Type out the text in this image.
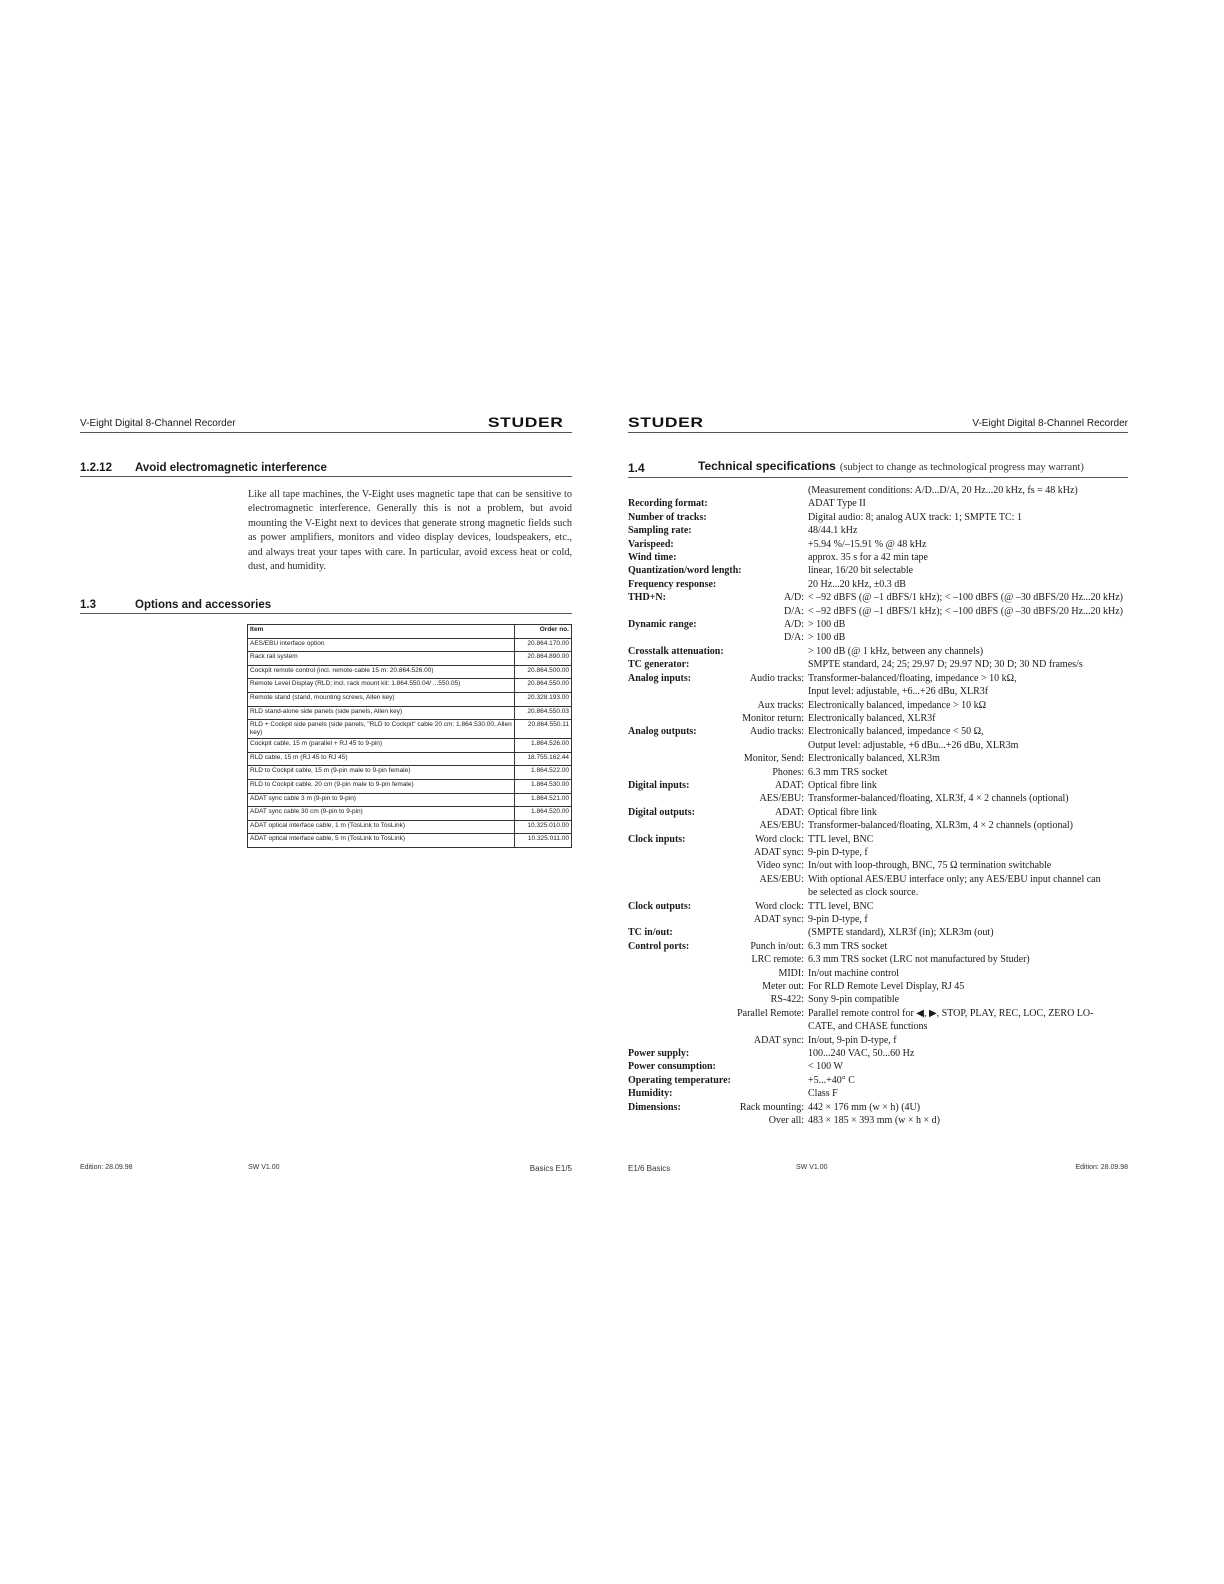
V-Eight Digital 8-Channel Recorder	STUDER
1.2.12 Avoid electromagnetic interference

Like all tape machines, the V-Eight uses magnetic tape that can be sensitive to electromagnetic interference. Generally this is not a problem, but avoid mounting the V-Eight next to devices that generate strong magnetic fields such as power amplifiers, monitors and video display devices, loudspeakers, etc., and always treat your tapes with care. In particular, avoid excess heat or cold, dust, and humidity.

1.3	Options and accessories
Item	Order no.
AES/EBU interface option	20.864.170.00
Rack rail system	20.864.890.00
Cockpit remote control (incl. remote cable 15 m: 20.864.526.00)	20.864.500.00
Remote Level Display (RLD; incl. rack mount kit: 1.864.550.04/ ...550.05)	20.864.550.00
Remote stand (stand, mounting screws, Allen key)	20.328.193.00
RLD stand-alone side panels (side panels, Allen key)	20.864.550.03
RLD + Cockpit side panels (side panels, "RLD to Cockpit" cable 20 cm: 1.864.530.00, Allen key)	20.864.550.11
Cockpit cable, 15 m (parallel + RJ 45 to 9-pin)	1.864.526.00
RLD cable, 15 m (RJ 45 to RJ 45)	18.755.162.44
RLD to Cockpit cable, 15 m (9-pin male to 9-pin female)	1.864.522.00
RLD to Cockpit cable, 20 cm (9-pin male to 9-pin female)	1.864.530.00
ADAT sync cable 3 m (9-pin to 9-pin)	1.864.521.00
ADAT sync cable 30 cm (9-pin to 9-pin)	1.864.520.00
ADAT optical interface cable, 1 m (TosLink to TosLink)	10.325.010.00
ADAT optical interface cable, 5 m (TosLink to TosLink)	10.325.011.00
Edition: 28.09.98	SW V1.00	Basics E1/5
STUDER	V-Eight Digital 8-Channel Recorder
1.4	Technical specifications (subject to change as technological progress may warrant)
(Measurement conditions: A/D...D/A, 20 Hz...20 kHz, fs = 48 kHz)
Recording format:	ADAT Type II
Number of tracks:	Digital audio: 8; analog AUX track: 1; SMPTE TC: 1
Sampling rate:	48/44.1 kHz
Varispeed:	+5.94 %/–15.91 % @ 48 kHz
Wind time:	approx. 35 s for a 42 min tape
Quantization/word length:	linear, 16/20 bit selectable
Frequency response:	20 Hz...20 kHz, ±0.3 dB
THD+N:	A/D: < –92 dBFS (@ –1 dBFS/1 kHz); < –100 dBFS (@ –30 dBFS/20 Hz...20 kHz)
D/A: < –92 dBFS (@ –1 dBFS/1 kHz); < –100 dBFS (@ –30 dBFS/20 Hz...20 kHz)
Dynamic range:	A/D: > 100 dB
D/A: > 100 dB
Crosstalk attenuation:	> 100 dB (@ 1 kHz, between any channels)
TC generator:	SMPTE standard, 24; 25; 29.97 D; 29.97 ND; 30 D; 30 ND frames/s
Analog inputs:	Audio tracks: Transformer-balanced/floating, impedance > 10 kΩ,
Input level: adjustable, +6...+26 dBu, XLR3f
Aux tracks: Electronically balanced, impedance > 10 kΩ
Monitor return: Electronically balanced, XLR3f
Analog outputs:	Audio tracks: Electronically balanced, impedance < 50 Ω,
Output level: adjustable, +6 dBu...+26 dBu, XLR3m
Monitor, Send: Electronically balanced, XLR3m
Phones: 6.3 mm TRS socket
Digital inputs:	ADAT: Optical fibre link
AES/EBU: Transformer-balanced/floating, XLR3f, 4 × 2 channels (optional)
Digital outputs:	ADAT: Optical fibre link
AES/EBU: Transformer-balanced/floating, XLR3m, 4 × 2 channels (optional)
Clock inputs:	Word clock: TTL level, BNC
ADAT sync: 9-pin D-type, f
Video sync: In/out with loop-through, BNC, 75 Ω termination switchable
AES/EBU: With optional AES/EBU interface only; any AES/EBU input channel can
be selected as clock source.
Clock outputs:	Word clock: TTL level, BNC
ADAT sync: 9-pin D-type, f
TC in/out:	(SMPTE standard), XLR3f (in); XLR3m (out)
Control ports:	Punch in/out: 6.3 mm TRS socket
LRC remote: 6.3 mm TRS socket (LRC not manufactured by Studer)
MIDI: In/out machine control
Meter out: For RLD Remote Level Display, RJ 45
RS-422: Sony 9-pin compatible
Parallel Remote: Parallel remote control for ◀, ▶, STOP, PLAY, REC, LOC, ZERO LO-
CATE, and CHASE functions
ADAT sync: In/out, 9-pin D-type, f
Power supply:	100...240 VAC, 50...60 Hz
Power consumption:	< 100 W
Operating temperature:	+5...+40° C
Humidity:	Class F
Dimensions:	Rack mounting: 442 × 176 mm (w × h) (4U)
Over all: 483 × 185 × 393 mm (w × h × d)
E1/6 Basics	SW V1.00	Edition: 28.09.98
